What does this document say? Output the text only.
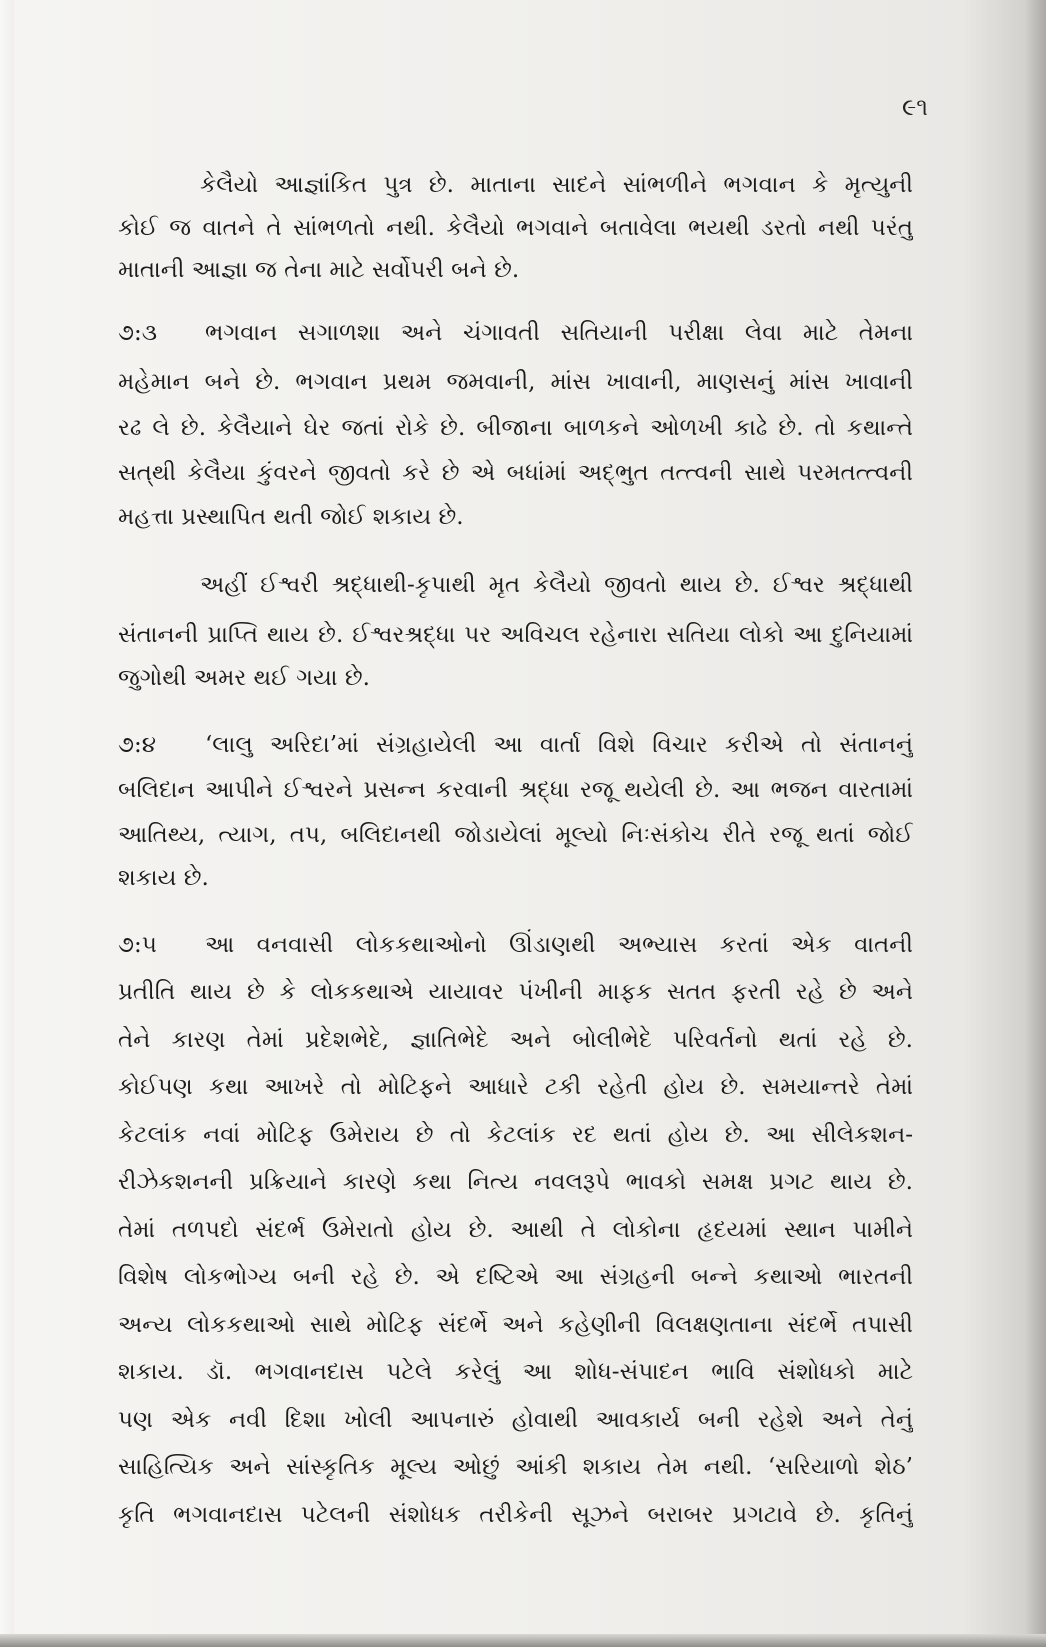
૯૧
કેલૈયો આજ્ઞાંકિત પુત્ર છે. માતાના સાદને સાંભળીને ભગવાન કે મૃત્યુની
કોઈ જ વાતને તે સાંભળતો નથી. કેલૈયો ભગવાને બતાવેલા ભયથી ડરતો નથી પરંતુ
માતાની આજ્ઞા જ તેના માટે સર્વોપરી બને છે.
૭:૩	ભગવાન સગાળશા અને ચંગાવતી સતિયાની પરીક્ષા લેવા માટે તેમના
મહેમાન બને છે. ભગવાન પ્રથમ જમવાની, માંસ ખાવાની, માણસનું માંસ ખાવાની
રઢ લે છે. કેલૈયાને ઘેર જતાં રોકે છે. બીજાના બાળકને ઓળખી કાઢે છે. તો કથાન્તે
સત્‌થી કેલૈયા કુંવરને જીવતો કરે છે એ બધાંમાં અદ્‌ભુત તત્ત્વની સાથે પરમતત્ત્વની
મહત્તા પ્રસ્થાપિત થતી જોઈ શકાય છે.
અહીં ઈશ્વરી શ્રદ્ધાથી-કૃપાથી મૃત કેલૈયો જીવતો થાય છે. ઈશ્વર શ્રદ્ધાથી
સંતાનની પ્રાપ્તિ થાય છે. ઈશ્વરશ્રદ્ધા પર અવિચલ રહેનારા સતિયા લોકો આ દુનિયામાં
જુગોથી અમર થઈ ગયા છે.
૭:૪	‘લાલુ અરિદા’માં સંગ્રહાયેલી આ વાર્તા વિશે વિચાર કરીએ તો સંતાનનું
બલિદાન આપીને ઈશ્વરને પ્રસન્ન કરવાની શ્રદ્ધા રજૂ થયેલી છે. આ ભજન વારતામાં
આતિથ્ય, ત્યાગ, તપ, બલિદાનથી જોડાયેલાં મૂલ્યો નિઃસંકોચ રીતે રજૂ થતાં જોઈ
શકાય છે.
૭:૫	આ વનવાસી લોકકથાઓનો ઊંડાણથી અભ્યાસ કરતાં એક વાતની
પ્રતીતિ થાય છે કે લોકકથાએ યાયાવર પંખીની માફક સતત ફરતી રહે છે અને
તેને કારણ તેમાં પ્રદેશભેદે, જ્ઞાતિભેદે અને બોલીભેદે પરિવર્તનો થતાં રહે છે.
કોઈપણ કથા આખરે તો મોટિફને આધારે ટકી રહેતી હોય છે. સમયાન્તરે તેમાં
કેટલાંક નવાં મોટિફ ઉમેરાય છે તો કેટલાંક રદ થતાં હોય છે. આ સીલેકશન-
રીઝેકશનની પ્રક્રિયાને કારણે કથા નિત્ય નવલરૂપે ભાવકો સમક્ષ પ્રગટ થાય છે.
તેમાં તળપદો સંદર્ભ ઉમેરાતો હોય છે. આથી તે લોકોના હૃદયમાં સ્થાન પામીને
વિશેષ લોકભોગ્ય બની રહે છે. એ દષ્ટિએ આ સંગ્રહની બન્ને કથાઓ ભારતની
અન્ય લોકકથાઓ સાથે મોટિફ સંદર્ભે અને કહેણીની વિલક્ષણતાના સંદર્ભે તપાસી
શકાય. ડૉ. ભગવાનદાસ પટેલે કરેલું આ શોધ-સંપાદન ભાવિ સંશોધકો માટે
પણ એક નવી દિશા ખોલી આપનારું હોવાથી આવકાર્ય બની રહેશે અને તેનું
સાહિત્યિક અને સાંસ્કૃતિક મૂલ્ય ઓછું આંકી શકાય તેમ નથી. ‘સરિયાળો શેઠ’
કૃતિ ભગવાનદાસ પટેલની સંશોધક તરીકેની સૂઝને બરાબર પ્રગટાવે છે. કૃતિનું
